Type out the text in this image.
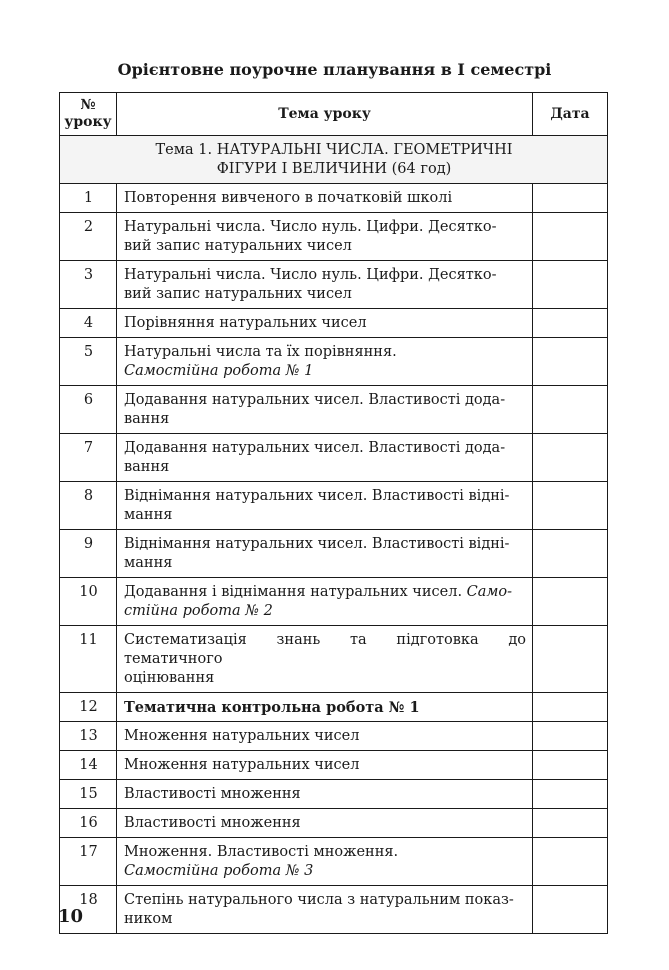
Орієнтовне поурочне планування в І семестрі
№
уроку	Тема уроку	Дата

Тема 1. НАТУРАЛЬНІ ЧИСЛА. ГЕОМЕТРИЧНІ
ФІГУРИ І ВЕЛИЧИНИ (64 год)		

1	Повторення вивченого в початковій школі	

2	Натуральні числа. Число нуль. Цифри. Десятко-
вий запис натуральних чисел	

3	Натуральні числа. Число нуль. Цифри. Десятко-
вий запис натуральних чисел	

4	Порівняння натуральних чисел	

5	Натуральні числа та їх порівняння.
Самостійна робота № 1	

6	Додавання натуральних чисел. Властивості дода-
вання	

7	Додавання натуральних чисел. Властивості дода-
вання	

8	Віднімання натуральних чисел. Властивості відні-
мання	

9	Віднімання натуральних чисел. Властивості відні-
мання	

10	Додавання і віднімання натуральних чисел. Само-
стійна робота № 2	

11	Систематизація знань та підготовка до тематичного
оцінювання	

12	Тематична контрольна робота № 1	

13	Множення натуральних чисел	

14	Множення натуральних чисел	

15	Властивості множення	

16	Властивості множення	

17	Множення. Властивості множення.
Самостійна робота № 3	

18	Степінь натурального числа з натуральним показ-
ником	

10
